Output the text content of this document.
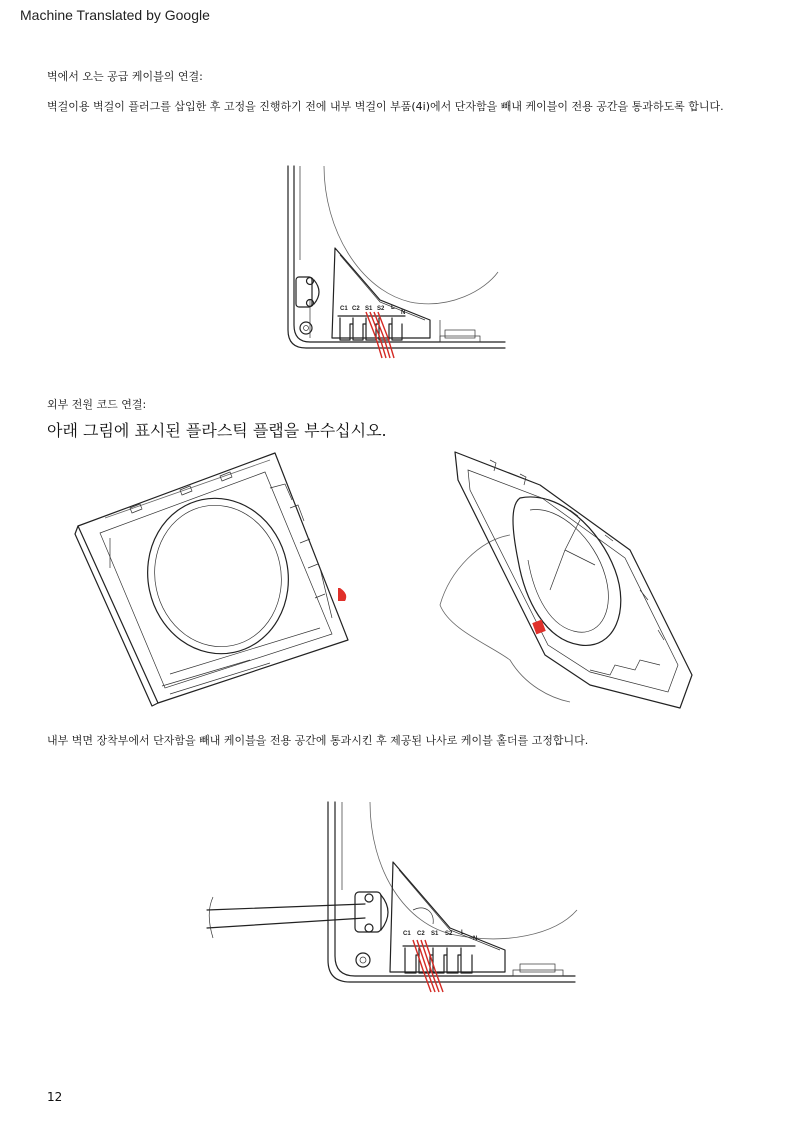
Machine Translated by Google
벽에서 오는 공급 케이블의 연결:
벽걸이용 벽걸이 플러그를 삽입한 후 고정을 진행하기 전에 내부 벽걸이 부품(4i)에서 단자함을 빼내 케이블이 전용 공간을 통과하도록 합니다.
C1 C2 S1 S2 L
N
외부 전원 코드 연결:
아래 그림에 표시된 플라스틱 플랩을 부수십시오.
내부 벽면 장착부에서 단자함을 빼내 케이블을 전용 공간에 통과시킨 후 제공된 나사로 케이블 홀더를 고정합니다.
C1 C2 S1 S2 L
N
12
